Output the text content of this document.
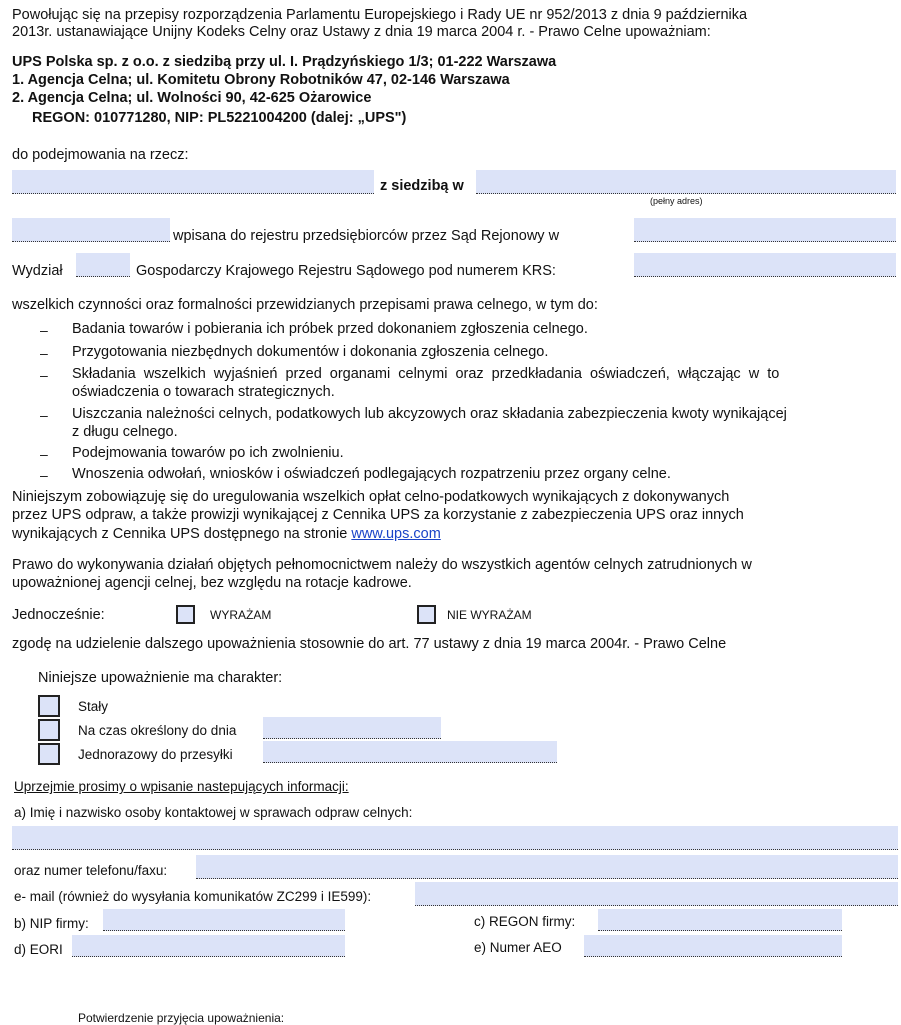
Powołując się na przepisy rozporządzenia Parlamentu Europejskiego i Rady UE nr 952/2013 z dnia 9 października
2013r. ustanawiające Unijny Kodeks Celny oraz Ustawy z dnia 19 marca 2004 r. - Prawo Celne upoważniam:
UPS Polska sp. z o.o. z siedzibą przy ul. I. Prądzyńskiego 1/3; 01-222 Warszawa
1. Agencja Celna; ul. Komitetu Obrony Robotników 47, 02-146 Warszawa
2. Agencja Celna; ul. Wolności 90, 42-625 Ożarowice
REGON: 010771280, NIP: PL5221004200 (dalej: „UPS")
do podejmowania na rzecz:
z siedzibą w
(pełny adres)
wpisana do rejestru przedsiębiorców przez Sąd Rejonowy w
Wydział	Gospodarczy Krajowego Rejestru Sądowego pod numerem KRS:
wszelkich czynności oraz formalności przewidzianych przepisami prawa celnego, w tym do:
– Badania towarów i pobierania ich próbek przed dokonaniem zgłoszenia celnego.
– Przygotowania niezbędnych dokumentów i dokonania zgłoszenia celnego.
– Składania wszelkich wyjaśnień przed organami celnymi oraz przedkładania oświadczeń, włączając w to
oświadczenia o towarach strategicznych.
– Uiszczania należności celnych, podatkowych lub akcyzowych oraz składania zabezpieczenia kwoty wynikającej
z długu celnego.
– Podejmowania towarów po ich zwolnieniu.
– Wnoszenia odwołań, wniosków i oświadczeń podlegających rozpatrzeniu przez organy celne.
Niniejszym zobowiązuję się do uregulowania wszelkich opłat celno-podatkowych wynikających z dokonywanych
przez UPS odpraw, a także prowizji wynikającej z Cennika UPS za korzystanie z zabezpieczenia UPS oraz innych
wynikających z Cennika UPS dostępnego na stronie www.ups.com
Prawo do wykonywania działań objętych pełnomocnictwem należy do wszystkich agentów celnych zatrudnionych w
upoważnionej agencji celnej, bez względu na rotacje kadrowe.
Jednocześnie:	WYRAŻAM	NIE WYRAŻAM
zgodę na udzielenie dalszego upoważnienia stosownie do art. 77 ustawy z dnia 19 marca 2004r. - Prawo Celne
Niniejsze upoważnienie ma charakter:
Stały
Na czas określony do dnia
Jednorazowy do przesyłki
Uprzejmie prosimy o wpisanie nastepujących informacji:
a) Imię i nazwisko osoby kontaktowej w sprawach odpraw celnych:
oraz numer telefonu/faxu:
e- mail (również do wysyłania komunikatów ZC299 i IE599):
b) NIP firmy:	c) REGON firmy:
d) EORI	e) Numer AEO
Potwierdzenie przyjęcia upoważnienia:
